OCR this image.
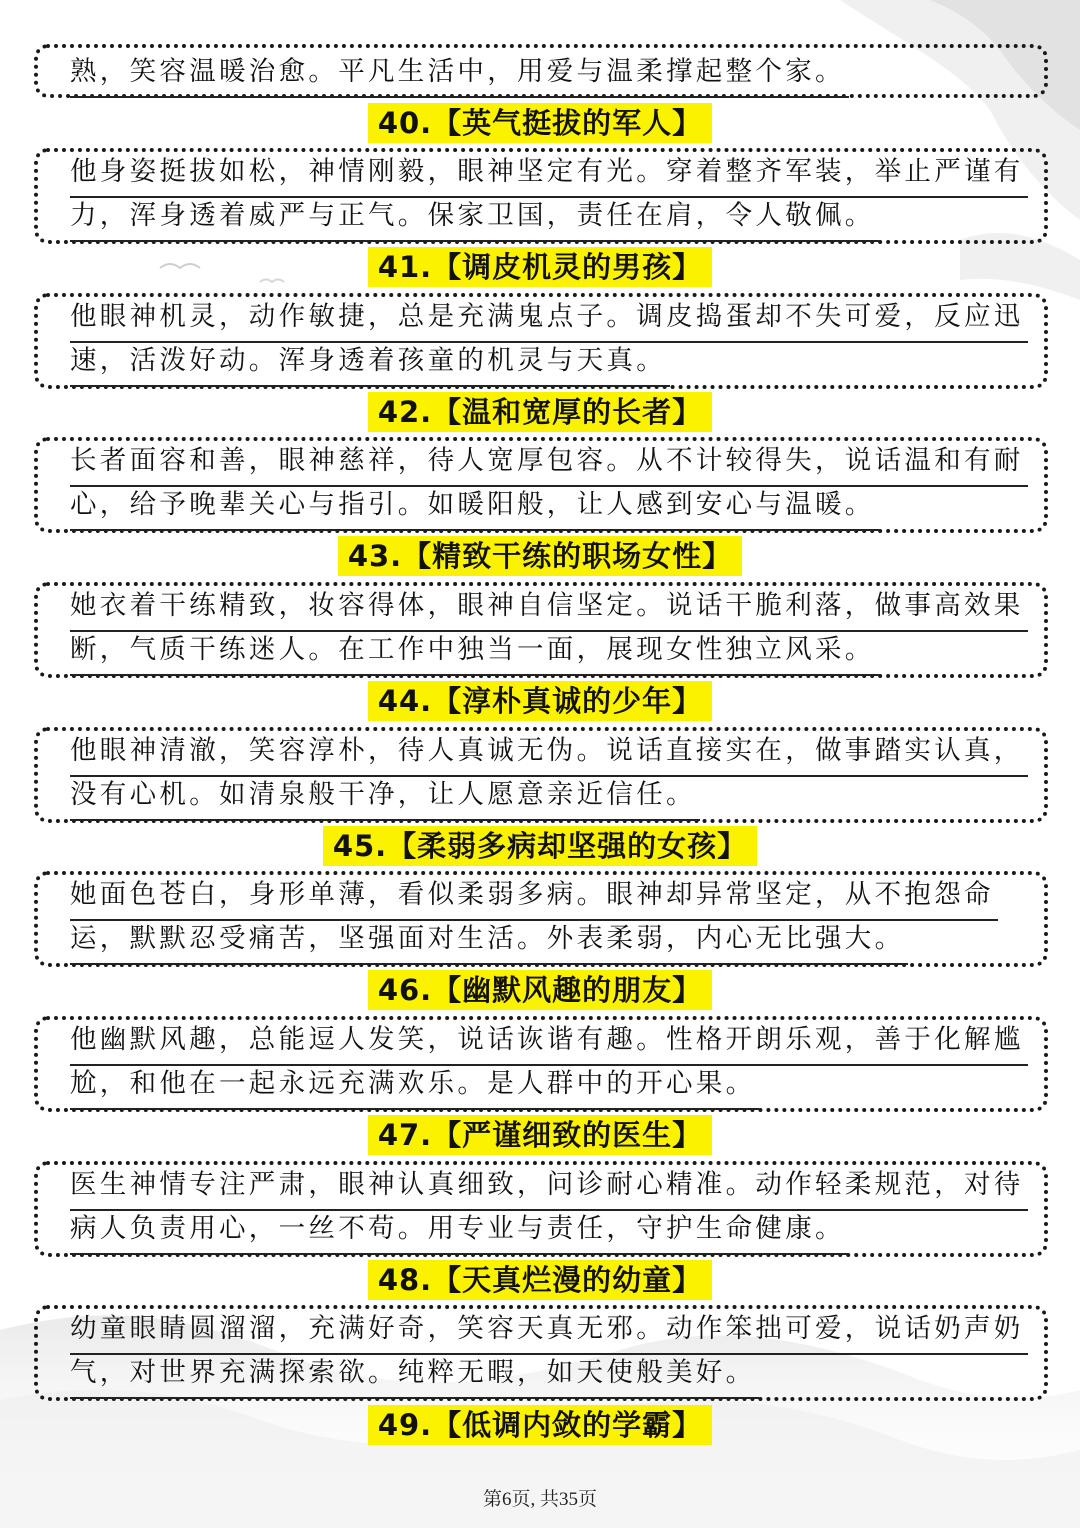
熟，笑容温暖治愈。平凡生活中，用爱与温柔撑起整个家。
40.【英气挺拔的军人】
他身姿挺拔如松，神情刚毅，眼神坚定有光。穿着整齐军装，举止严谨有
力，浑身透着威严与正气。保家卫国，责任在肩，令人敬佩。
41.【调皮机灵的男孩】
他眼神机灵，动作敏捷，总是充满鬼点子。调皮捣蛋却不失可爱，反应迅
速，活泼好动。浑身透着孩童的机灵与天真。
42.【温和宽厚的长者】
长者面容和善，眼神慈祥，待人宽厚包容。从不计较得失，说话温和有耐
心，给予晚辈关心与指引。如暖阳般，让人感到安心与温暖。
43.【精致干练的职场女性】
她衣着干练精致，妆容得体，眼神自信坚定。说话干脆利落，做事高效果
断，气质干练迷人。在工作中独当一面，展现女性独立风采。
44.【淳朴真诚的少年】
他眼神清澈，笑容淳朴，待人真诚无伪。说话直接实在，做事踏实认真，
没有心机。如清泉般干净，让人愿意亲近信任。
45.【柔弱多病却坚强的女孩】
她面色苍白，身形单薄，看似柔弱多病。眼神却异常坚定，从不抱怨命
运，默默忍受痛苦，坚强面对生活。外表柔弱，内心无比强大。
46.【幽默风趣的朋友】
他幽默风趣，总能逗人发笑，说话诙谐有趣。性格开朗乐观，善于化解尴
尬，和他在一起永远充满欢乐。是人群中的开心果。
47.【严谨细致的医生】
医生神情专注严肃，眼神认真细致，问诊耐心精准。动作轻柔规范，对待
病人负责用心，一丝不苟。用专业与责任，守护生命健康。
48.【天真烂漫的幼童】
幼童眼睛圆溜溜，充满好奇，笑容天真无邪。动作笨拙可爱，说话奶声奶
气，对世界充满探索欲。纯粹无暇，如天使般美好。
49.【低调内敛的学霸】
第6页, 共35页
